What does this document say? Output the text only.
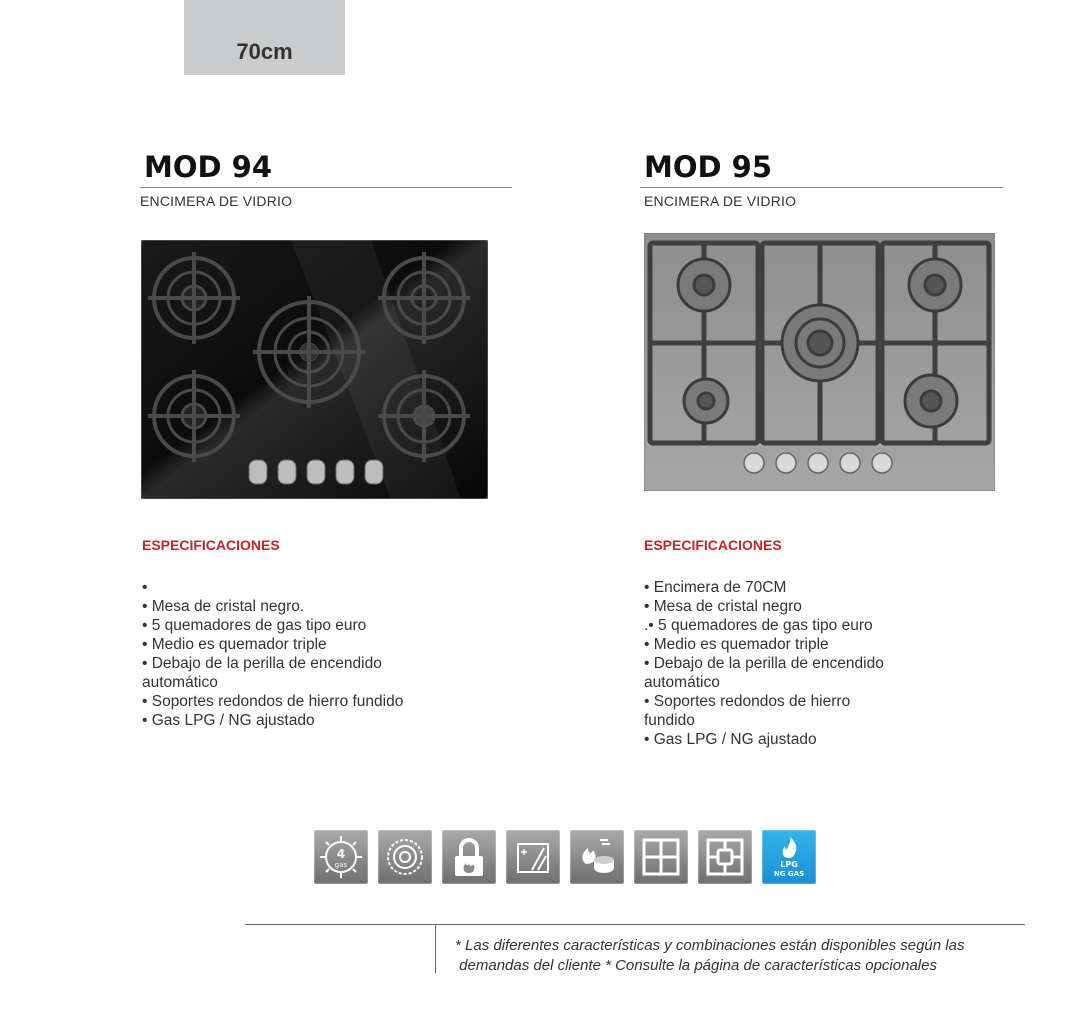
70cm
MOD 94
ENCIMERA DE VIDRIO
ESPECIFICACIONES
•
• Mesa de cristal negro.
• 5 quemadores de gas tipo euro
• Medio es quemador triple
• Debajo de la perilla de encendido
automático
• Soportes redondos de hierro fundido
• Gas LPG / NG ajustado
MOD 95
ENCIMERA DE VIDRIO
ESPECIFICACIONES
• Encimera de 70CM
• Mesa de cristal negro
.• 5 quemadores de gas tipo euro
• Medio es quemador triple
• Debajo de la perilla de encendido
automático
• Soportes redondos de hierro
fundido
• Gas LPG / NG ajustado
4
gas	LPG
NG GAS
* Las diferentes características y combinaciones están disponibles según las
demandas del cliente * Consulte la página de características opcionales
